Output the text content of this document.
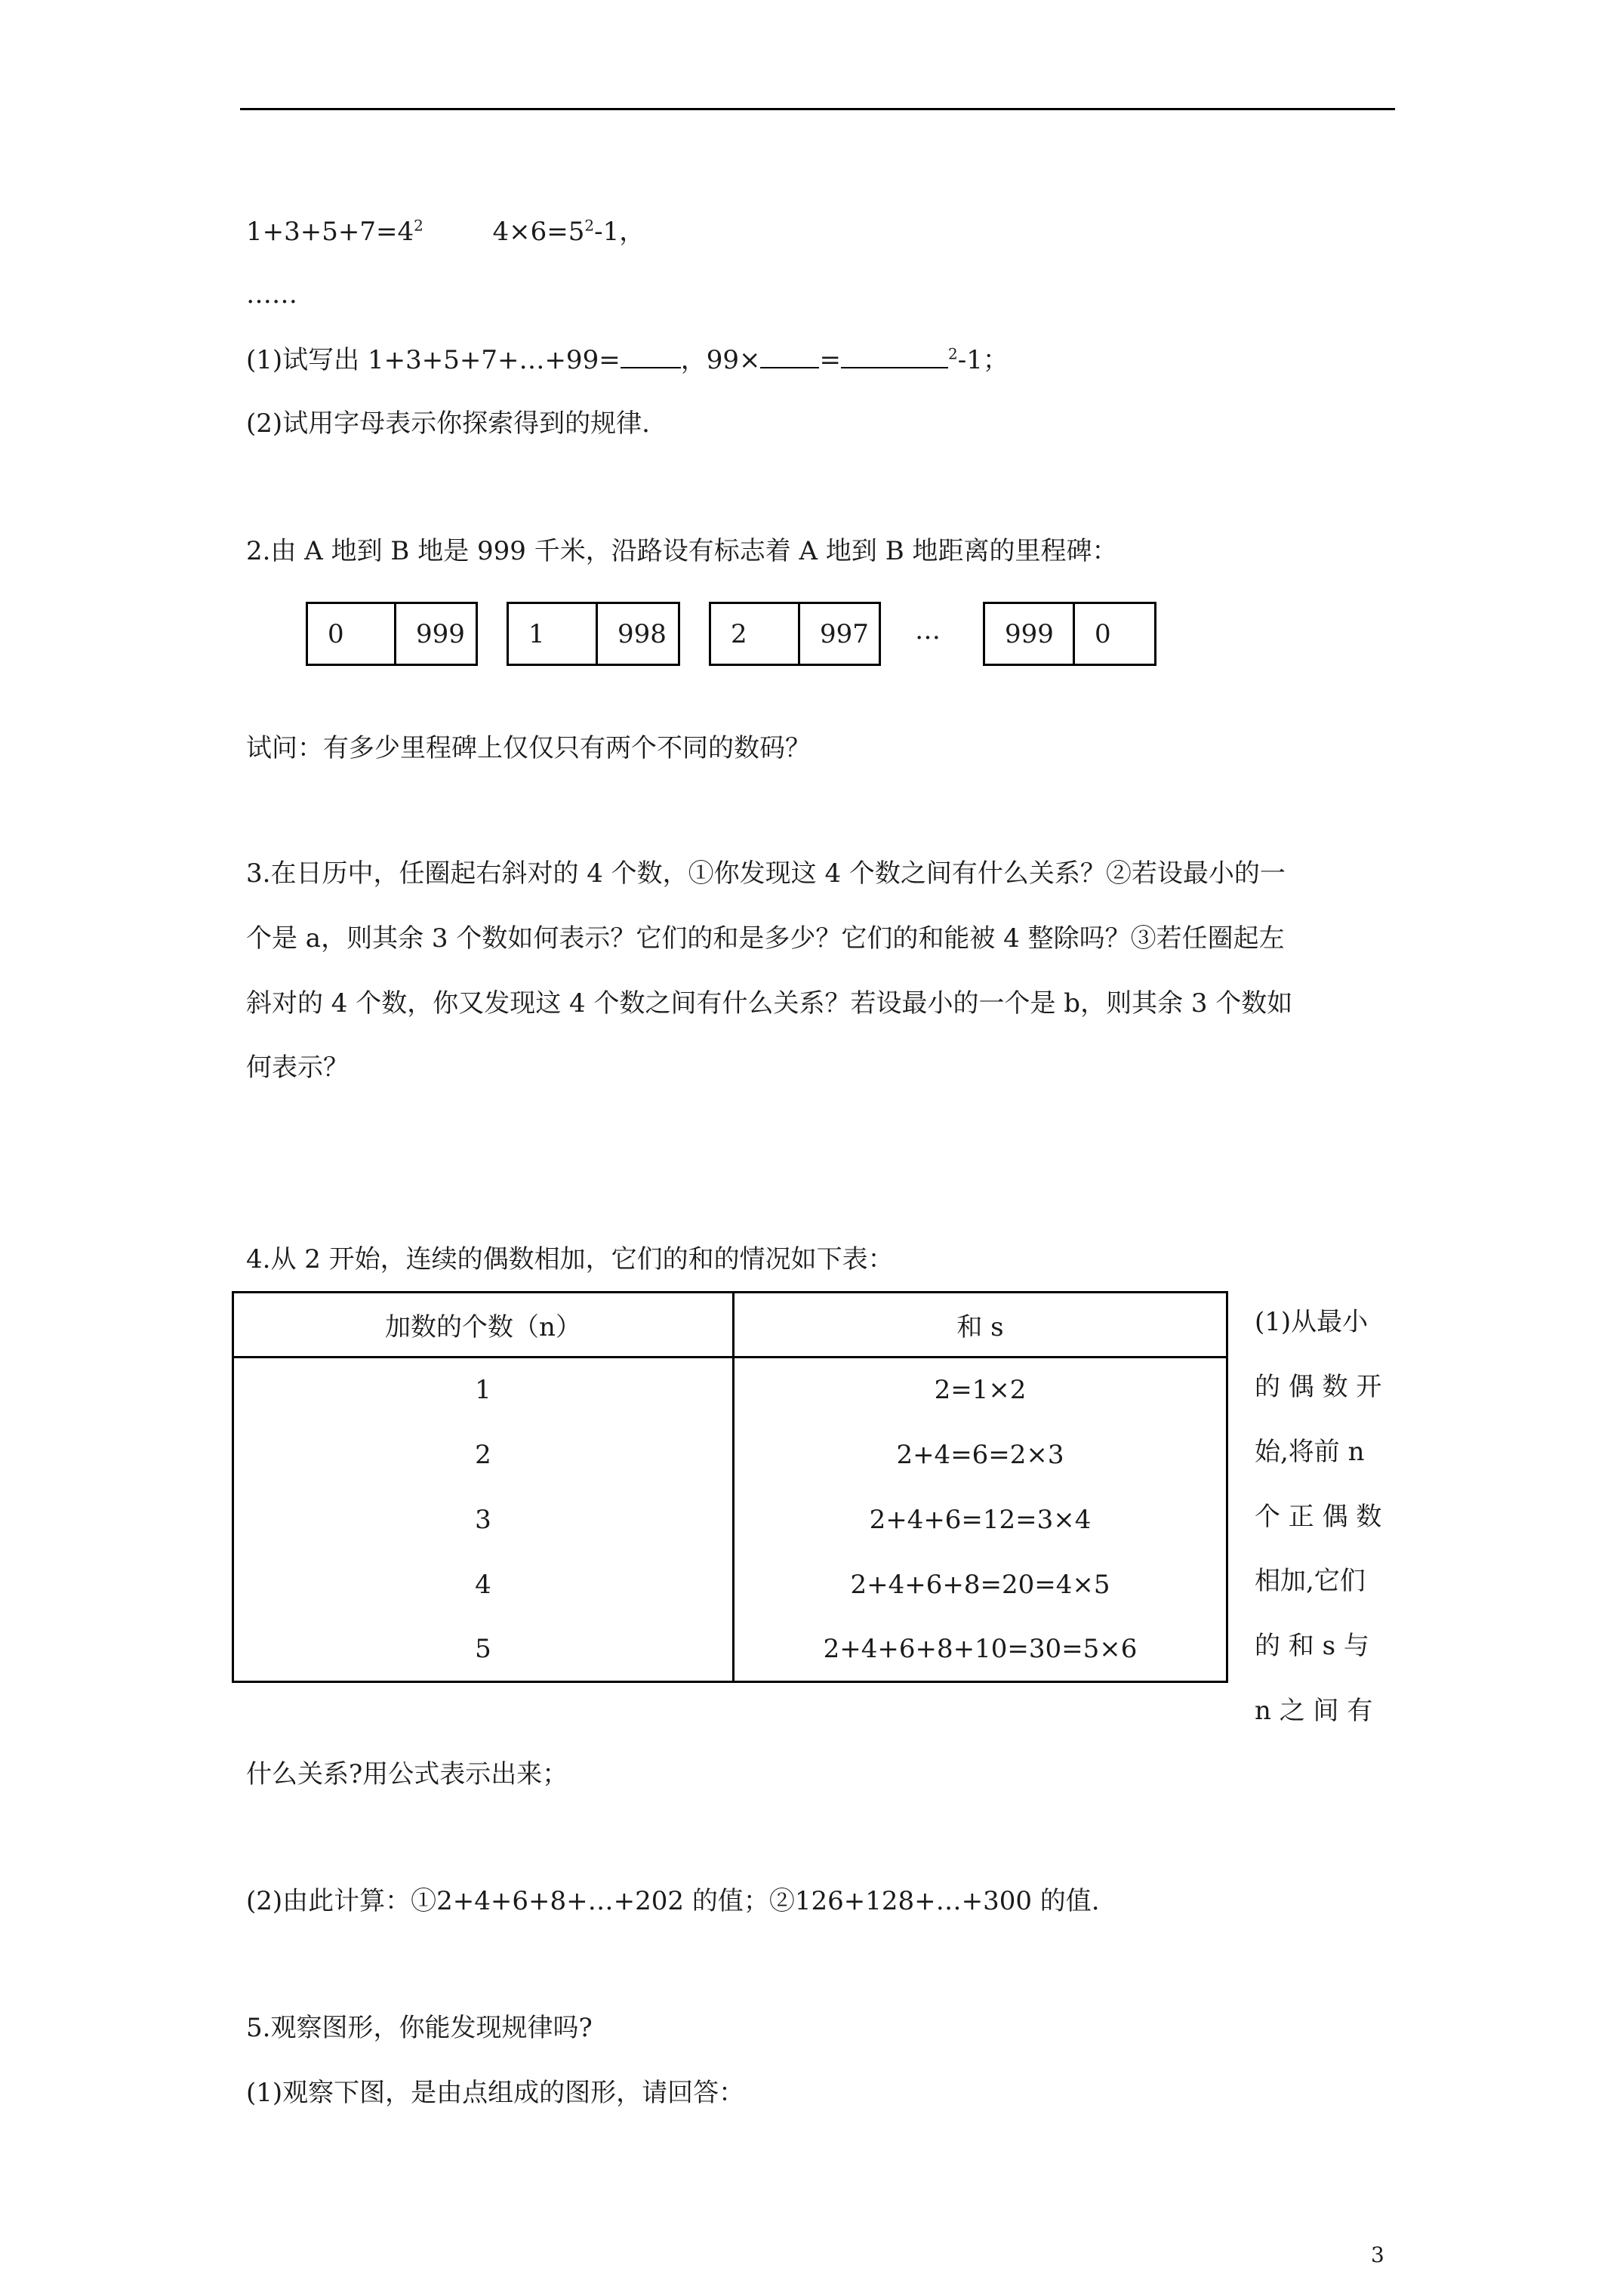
$1+3+5+7=4^2$	$4\times 6=5^2-1$，
……
(1)试写出 1+3+5+7+…+99= ，99× =	$^2$-1；
(2)试用字母表示你探索得到的规律.
2.由 A 地到 B 地是 999 千米，沿路设有标志着 A 地到 B 地距离的里程碑：
0	999	1	998	2	997	…	999	0
试问：有多少里程碑上仅仅只有两个不同的数码？
3.在日历中，任圈起右斜对的 4 个数，①你发现这 4 个数之间有什么关系？②若设最小的一
个是 a，则其余 3 个数如何表示？它们的和是多少？它们的和能被 4 整除吗？③若任圈起左
斜对的 4 个数，你又发现这 4 个数之间有什么关系？若设最小的一个是 b，则其余 3 个数如
何表示？
4.从 2 开始，连续的偶数相加，它们的和的情况如下表：
加数的个数（n）	和 s
1	2=1×2
2	2+4=6=2×3
3	2+4+6=12=3×4
4	2+4+6+8=20=4×5
5	2+4+6+8+10=30=5×6
(1)从最小
的 偶 数 开
始,将前 n
个 正 偶 数
相加,它们
的 和 s 与
n 之 间 有
什么关系?用公式表示出来；
(2)由此计算：①2+4+6+8+…+202 的值；②126+128+…+300 的值.
5.观察图形，你能发现规律吗?
(1)观察下图，是由点组成的图形，请回答：
3
